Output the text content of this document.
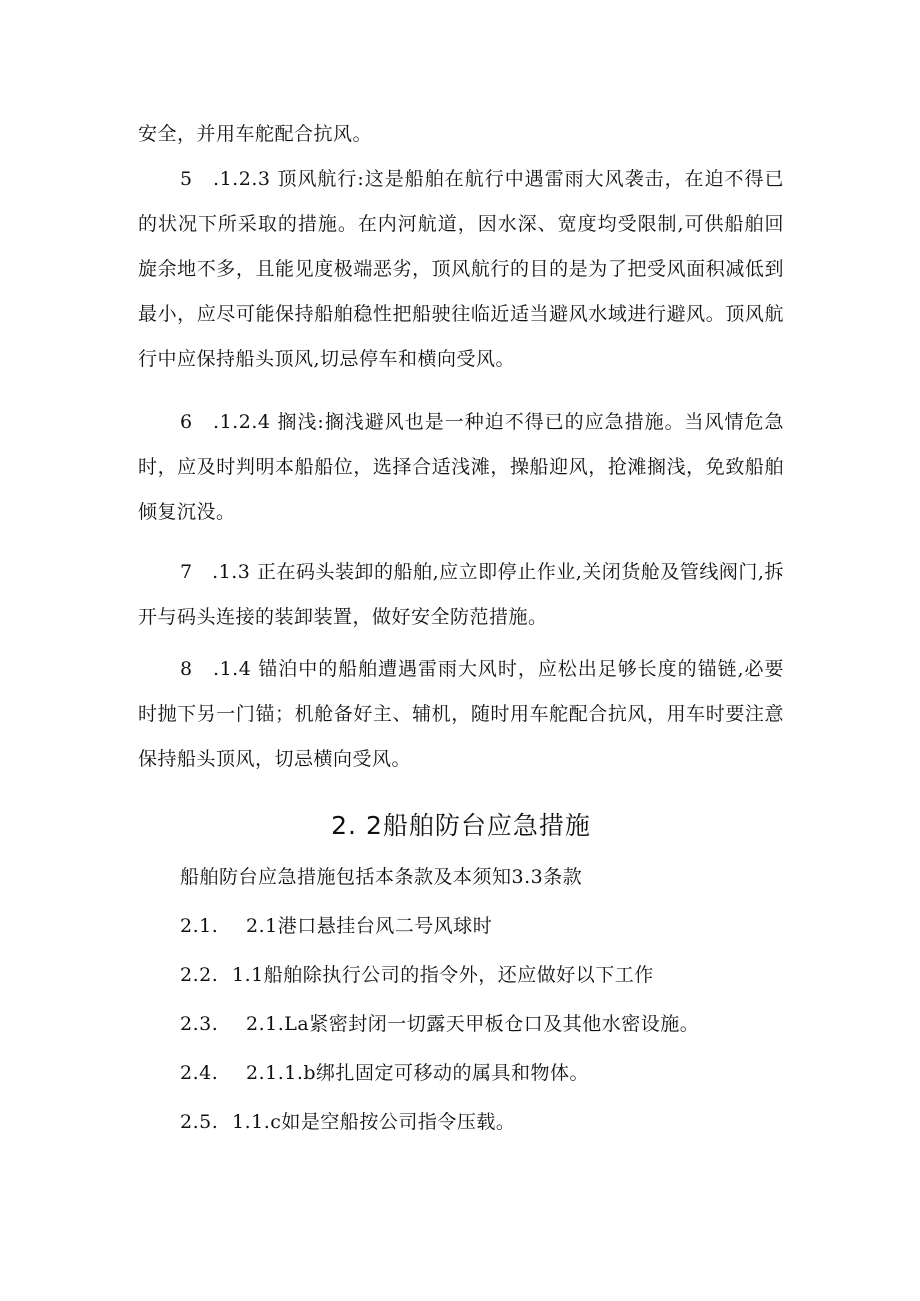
安全，并用车舵配合抗风。

5　.1.2.3 顶风航行:这是船舶在航行中遇雷雨大风袭击，在迫不得已的状况下所采取的措施。在内河航道，因水深、宽度均受限制,可供船舶回旋余地不多，且能见度极端恶劣，顶风航行的目的是为了把受风面积减低到最小，应尽可能保持船舶稳性把船驶往临近适当避风水域进行避风。顶风航行中应保持船头顶风,切忌停车和横向受风。

6　.1.2.4 搁浅:搁浅避风也是一种迫不得已的应急措施。当风情危急时，应及时判明本船船位，选择合适浅滩，操船迎风，抢滩搁浅，免致船舶倾复沉没。

7　.1.3 正在码头装卸的船舶,应立即停止作业,关闭货舱及管线阀门,拆开与码头连接的装卸装置，做好安全防范措施。

8　.1.4 锚泊中的船舶遭遇雷雨大风时，应松出足够长度的锚链,必要时抛下另一门锚；机舱备好主、辅机，随时用车舵配合抗风，用车时要注意保持船头顶风，切忌横向受风。

2. 2船舶防台应急措施

船舶防台应急措施包括本条款及本须知3.3条款

2.1. 2.1港口悬挂台风二号风球时

2.2. 1.1船舶除执行公司的指令外，还应做好以下工作

2.3. 2.1.La紧密封闭一切露天甲板仓口及其他水密设施。

2.4. 2.1.1.b绑扎固定可移动的属具和物体。

2.5. 1.1.c如是空船按公司指令压载。
